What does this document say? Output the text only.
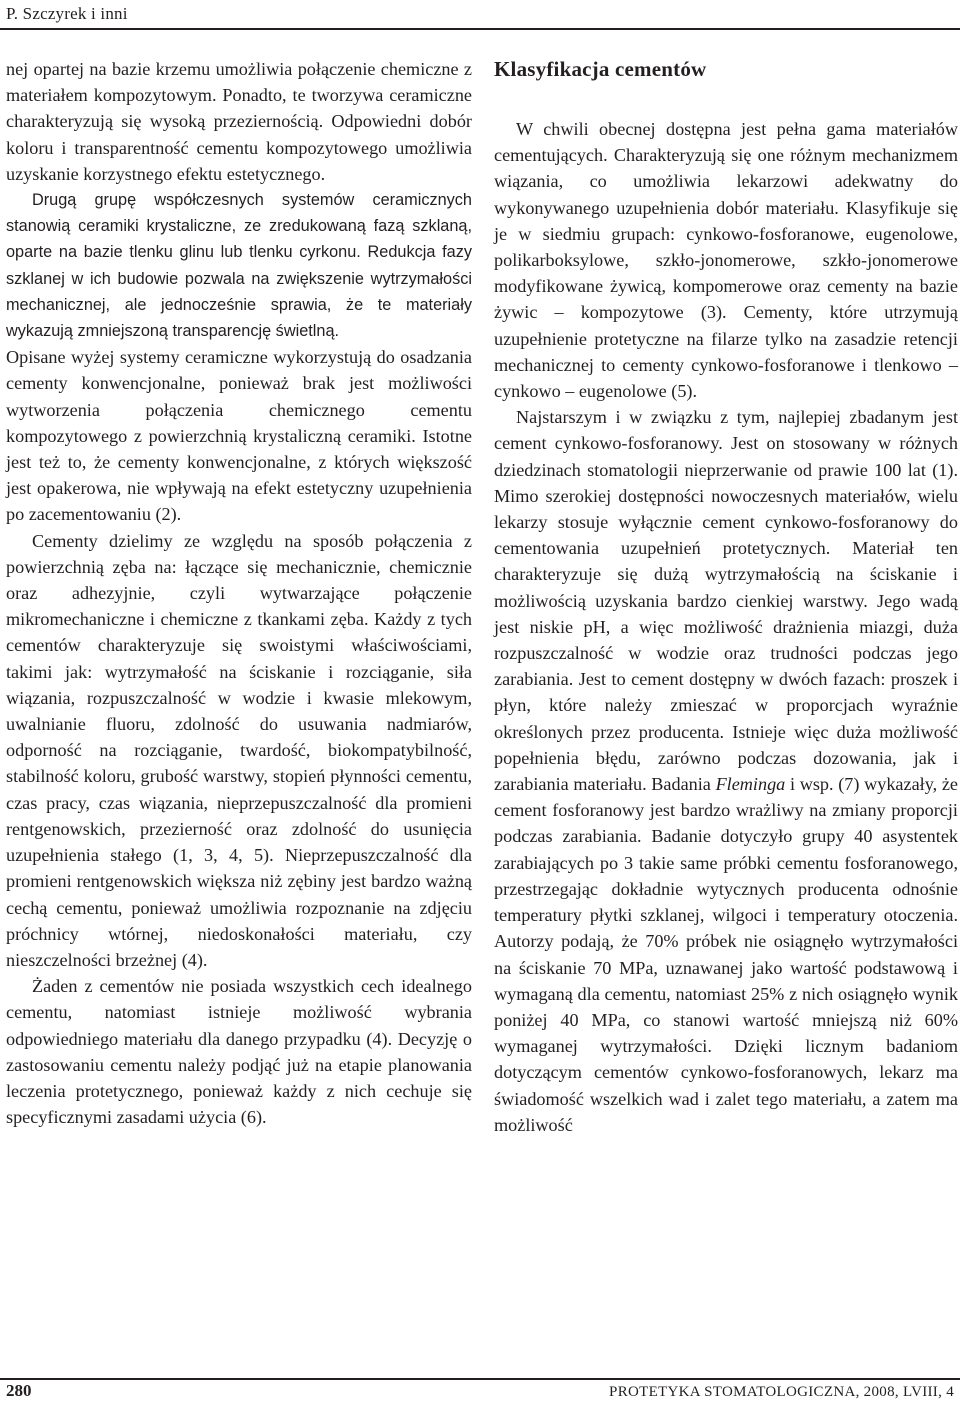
P. Szczyrek i inni

nej opartej na bazie krzemu umożliwia połączenie chemiczne z materiałem kompozytowym. Ponadto, te tworzywa ceramiczne charakteryzują się wysoką przeziernością. Odpowiedni dobór koloru i transparentność cementu kompozytowego umożliwia uzyskanie korzystnego efektu estetycznego.

Drugą grupę współczesnych systemów ceramicznych stanowią ceramiki krystaliczne, ze zredukowaną fazą szklaną, oparte na bazie tlenku glinu lub tlenku cyrkonu. Redukcja fazy szklanej w ich budowie pozwala na zwiększenie wytrzymałości mechanicznej, ale jednocześnie sprawia, że te materiały wykazują zmniejszoną transparencję świetlną.

Opisane wyżej systemy ceramiczne wykorzystują do osadzania cementy konwencjonalne, ponieważ brak jest możliwości wytworzenia połączenia chemicznego cementu kompozytowego z powierzchnią krystaliczną ceramiki. Istotne jest też to, że cementy konwencjonalne, z których większość jest opakerowa, nie wpływają na efekt estetyczny uzupełnienia po zacementowaniu (2).

Cementy dzielimy ze względu na sposób połączenia z powierzchnią zęba na: łączące się mechanicznie, chemicznie oraz adhezyjnie, czyli wytwarzające połączenie mikromechaniczne i chemiczne z tkankami zęba. Każdy z tych cementów charakteryzuje się swoistymi właściwościami, takimi jak: wytrzymałość na ściskanie i rozciąganie, siła wiązania, rozpuszczalność w wodzie i kwasie mlekowym, uwalnianie fluoru, zdolność do usuwania nadmiarów, odporność na rozciąganie, twardość, biokompatybilność, stabilność koloru, grubość warstwy, stopień płynności cementu, czas pracy, czas wiązania, nieprzepuszczalność dla promieni rentgenowskich, przezierność oraz zdolność do usunięcia uzupełnienia stałego (1, 3, 4, 5). Nieprzepuszczalność dla promieni rentgenowskich większa niż zębiny jest bardzo ważną cechą cementu, ponieważ umożliwia rozpoznanie na zdjęciu próchnicy wtórnej, niedoskonałości materiału, czy nieszczelności brzeżnej (4).

Żaden z cementów nie posiada wszystkich cech idealnego cementu, natomiast istnieje możliwość wybrania odpowiedniego materiału dla danego przypadku (4). Decyzję o zastosowaniu cementu należy podjąć już na etapie planowania leczenia protetycznego, ponieważ każdy z nich cechuje się specyficznymi zasadami użycia (6).

Klasyfikacja cementów

W chwili obecnej dostępna jest pełna gama materiałów cementujących. Charakteryzują się one różnym mechanizmem wiązania, co umożliwia lekarzowi adekwatny do wykonywanego uzupełnienia dobór materiału. Klasyfikuje się je w siedmiu grupach: cynkowo-fosforanowe, eugenolowe, polikarboksylowe, szkło-jonomerowe, szkło-jonomerowe modyfikowane żywicą, kompomerowe oraz cementy na bazie żywic – kompozytowe (3). Cementy, które utrzymują uzupełnienie protetyczne na filarze tylko na zasadzie retencji mechanicznej to cementy cynkowo-fosforanowe i tlenkowo – cynkowo – eugenolowe (5).

Najstarszym i w związku z tym, najlepiej zbadanym jest cement cynkowo-fosforanowy. Jest on stosowany w różnych dziedzinach stomatologii nieprzerwanie od prawie 100 lat (1). Mimo szerokiej dostępności nowoczesnych materiałów, wielu lekarzy stosuje wyłącznie cement cynkowo-fosforanowy do cementowania uzupełnień protetycznych. Materiał ten charakteryzuje się dużą wytrzymałością na ściskanie i możliwością uzyskania bardzo cienkiej warstwy. Jego wadą jest niskie pH, a więc możliwość drażnienia miazgi, duża rozpuszczalność w wodzie oraz trudności podczas jego zarabiania. Jest to cement dostępny w dwóch fazach: proszek i płyn, które należy zmieszać w proporcjach wyraźnie określonych przez producenta. Istnieje więc duża możliwość popełnienia błędu, zarówno podczas dozowania, jak i zarabiania materiału. Badania Fleminga i wsp. (7) wykazały, że cement fosforanowy jest bardzo wrażliwy na zmiany proporcji podczas zarabiania. Badanie dotyczyło grupy 40 asystentek zarabiających po 3 takie same próbki cementu fosforanowego, przestrzegając dokładnie wytycznych producenta odnośnie temperatury płytki szklanej, wilgoci i temperatury otoczenia. Autorzy podają, że 70% próbek nie osiągnęło wytrzymałości na ściskanie 70 MPa, uznawanej jako wartość podstawową i wymaganą dla cementu, natomiast 25% z nich osiągnęło wynik poniżej 40 MPa, co stanowi wartość mniejszą niż 60% wymaganej wytrzymałości. Dzięki licznym badaniom dotyczącym cementów cynkowo-fosforanowych, lekarz ma świadomość wszelkich wad i zalet tego materiału, a zatem ma możliwość

280	PROTETYKA STOMATOLOGICZNA, 2008, LVIII, 4
